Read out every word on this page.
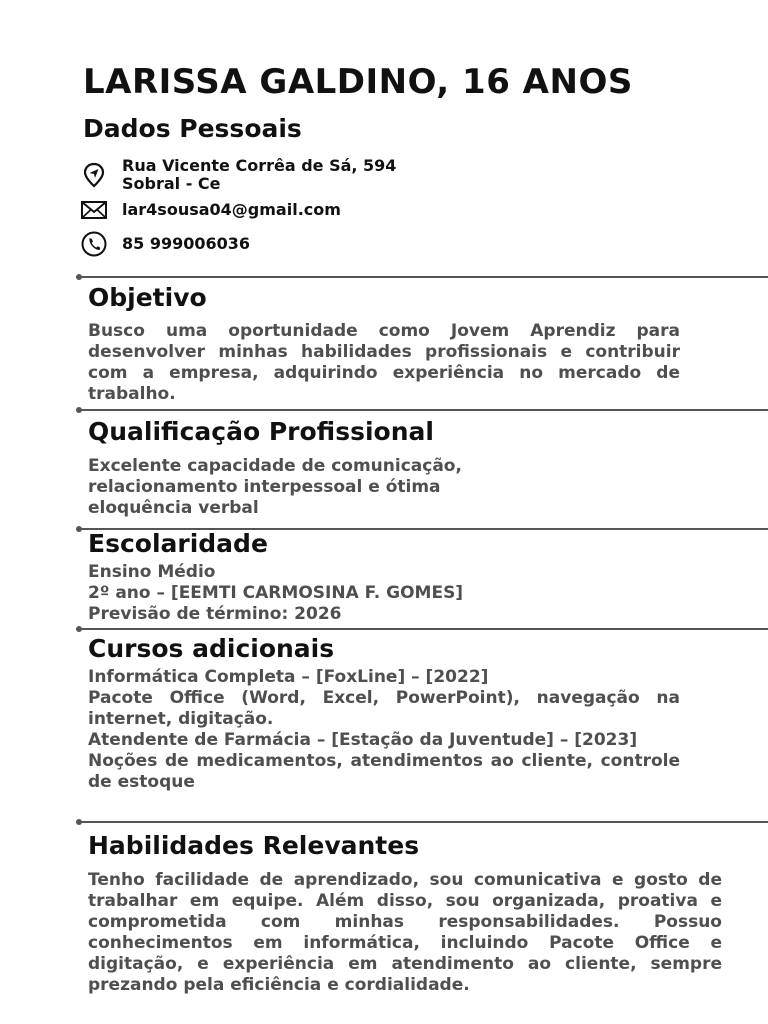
LARISSA GALDINO, 16 ANOS
Dados Pessoais
Rua Vicente Corrêa de Sá, 594
Sobral - Ce
lar4sousa04@gmail.com
85 999006036
Objetivo
Busco uma oportunidade como Jovem Aprendiz para desenvolver minhas habilidades profissionais e contribuir com a empresa, adquirindo experiência no mercado de trabalho.
Qualificação Profissional
Excelente capacidade de comunicação,
relacionamento interpessoal e ótima
eloquência verbal
Escolaridade
Ensino Médio
2º ano – [EEMTI CARMOSINA F. GOMES]
Previsão de término: 2026
Cursos adicionais
Informática Completa – [FoxLine] – [2022]
Pacote Office (Word, Excel, PowerPoint), navegação na internet, digitação.
Atendente de Farmácia – [Estação da Juventude] – [2023]
Noções de medicamentos, atendimentos ao cliente, controle de estoque
Habilidades Relevantes
Tenho facilidade de aprendizado, sou comunicativa e gosto de trabalhar em equipe. Além disso, sou organizada, proativa e comprometida com minhas responsabilidades. Possuo conhecimentos em informática, incluindo Pacote Office e digitação, e experiência em atendimento ao cliente, sempre prezando pela eficiência e cordialidade.
